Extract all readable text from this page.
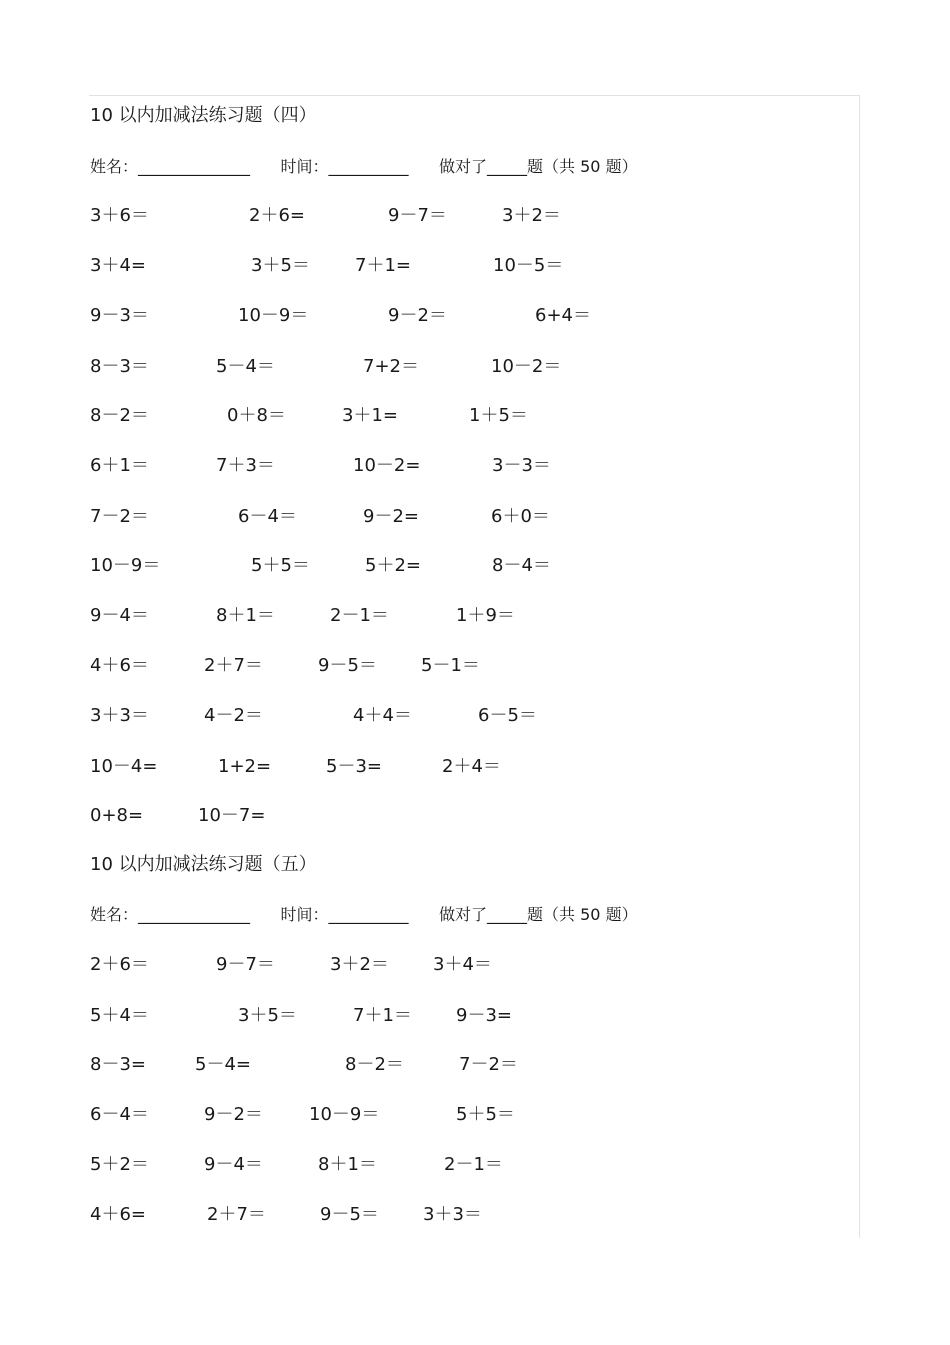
10 以内加减法练习题（四）
姓名：______________      时间：__________      做对了_____题（共 50 题）
3＋6＝	2＋6=	9－7＝	3＋2＝
3＋4=	3＋5＝	7＋1=	10－5＝
9－3＝	10－9＝	9－2＝	6+4＝
8－3＝	5－4＝	7+2＝	10－2＝
8－2＝	0＋8＝	3＋1=	1＋5＝
6＋1＝	7＋3＝	10－2=	3－3＝
7－2＝	6－4＝	9－2=	6＋0＝
10－9＝	5＋5＝	5＋2=	8－4＝
9－4＝	8＋1＝	2－1＝	1＋9＝
4＋6＝	2＋7＝	9－5＝ 5－1＝
3＋3＝	4－2＝	4＋4＝	6－5＝
10－4=	1+2=	5－3=	2＋4＝
0+8=	10－7=
10 以内加减法练习题（五）
姓名：______________      时间：__________      做对了_____题（共 50 题）
2＋6＝	9－7＝	3＋2＝ 3＋4＝
5＋4＝	3＋5＝	7＋1＝ 9－3=
8－3=	5－4=	8－2＝	7－2＝
6－4＝	9－2＝	10－9＝	5＋5＝
5＋2＝	9－4＝	8＋1＝	2－1＝
4＋6=	2＋7＝	9－5＝ 3＋3＝
